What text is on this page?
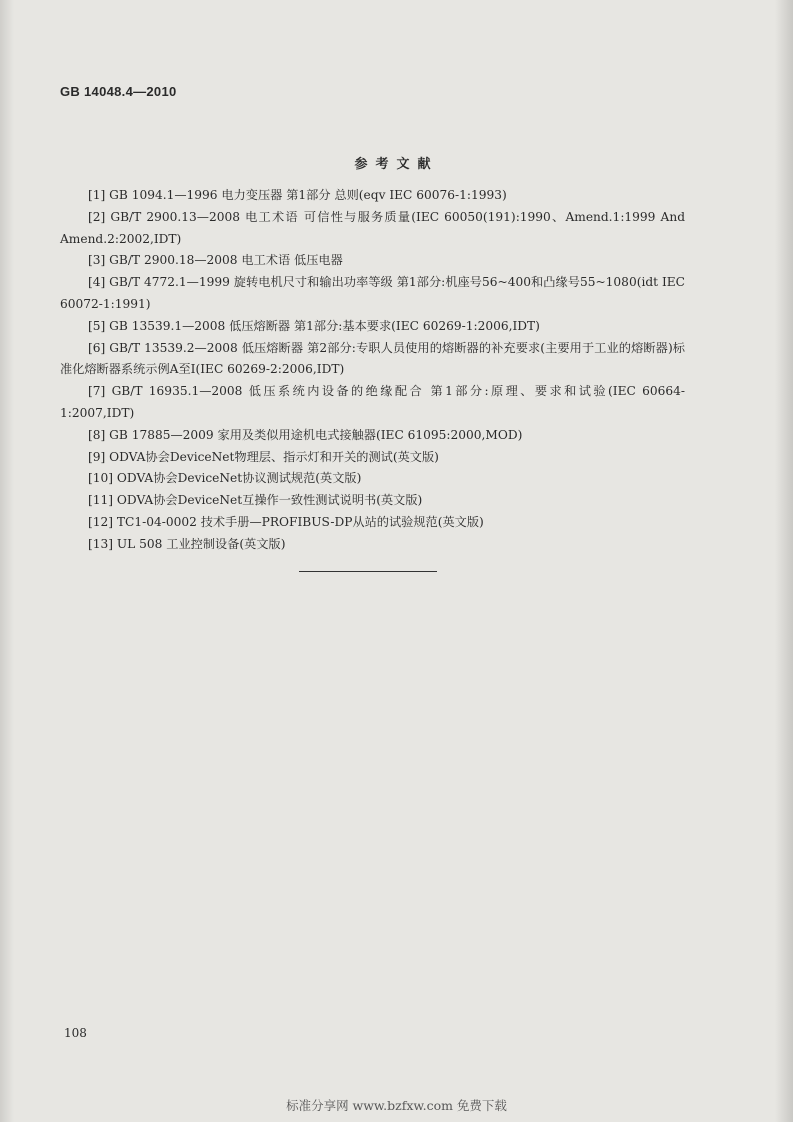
GB 14048.4—2010
参考文献
[1] GB 1094.1—1996 电力变压器 第1部分 总则(eqv IEC 60076-1:1993)
[2] GB/T 2900.13—2008 电工术语 可信性与服务质量(IEC 60050(191):1990、Amend.1:1999 And Amend.2:2002,IDT)
[3] GB/T 2900.18—2008 电工术语 低压电器
[4] GB/T 4772.1—1999 旋转电机尺寸和输出功率等级 第1部分:机座号56~400和凸缘号55~1080(idt IEC 60072-1:1991)
[5] GB 13539.1—2008 低压熔断器 第1部分:基本要求(IEC 60269-1:2006,IDT)
[6] GB/T 13539.2—2008 低压熔断器 第2部分:专职人员使用的熔断器的补充要求(主要用于工业的熔断器)标准化熔断器系统示例A至I(IEC 60269-2:2006,IDT)
[7] GB/T 16935.1—2008 低压系统内设备的绝缘配合 第1部分:原理、要求和试验(IEC 60664-1:2007,IDT)
[8] GB 17885—2009 家用及类似用途机电式接触器(IEC 61095:2000,MOD)
[9] ODVA协会DeviceNet物理层、指示灯和开关的测试(英文版)
[10] ODVA协会DeviceNet协议测试规范(英文版)
[11] ODVA协会DeviceNet互操作一致性测试说明书(英文版)
[12] TC1-04-0002 技术手册—PROFIBUS-DP从站的试验规范(英文版)
[13] UL 508 工业控制设备(英文版)
108
标准分享网 www.bzfxw.com 免费下载
